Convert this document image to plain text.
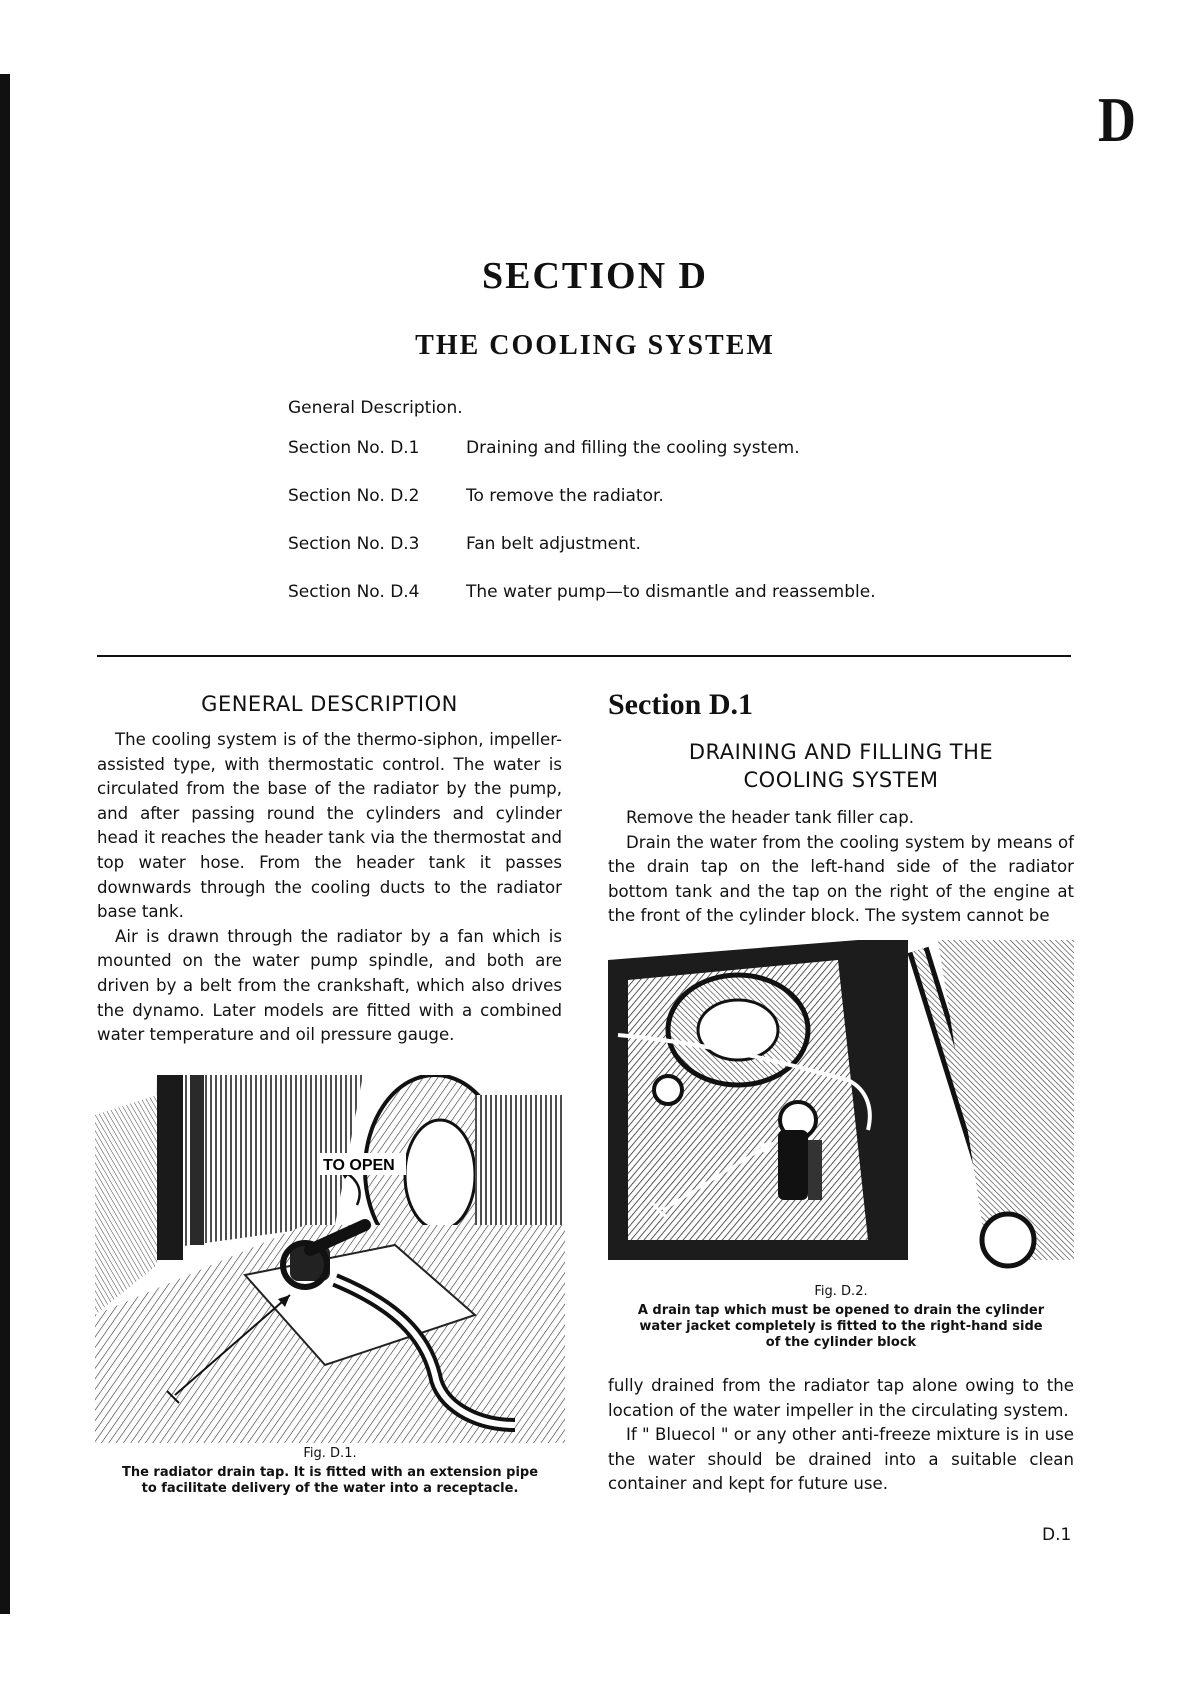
D
SECTION D
THE COOLING SYSTEM
General Description.
Section No. D.1	Draining and filling the cooling system.
Section No. D.2	To remove the radiator.
Section No. D.3	Fan belt adjustment.
Section No. D.4	The water pump—to dismantle and reassemble.
GENERAL DESCRIPTION

The cooling system is of the thermo-siphon, impeller-assisted type, with thermostatic control. The water is circulated from the base of the radiator by the pump, and after passing round the cylinders and cylinder head it reaches the header tank via the thermostat and top water hose. From the header tank it passes downwards through the cooling ducts to the radiator base tank.

Air is drawn through the radiator by a fan which is mounted on the water pump spindle, and both are driven by a belt from the crankshaft, which also drives the dynamo. Later models are fitted with a combined water temperature and oil pressure gauge.

Section D.1
DRAINING AND FILLING THE
COOLING SYSTEM

Remove the header tank filler cap.

Drain the water from the cooling system by means of the drain tap on the left-hand side of the radiator bottom tank and the tap on the right of the engine at the front of the cylinder block. The system cannot be

TO OPEN
Fig. D.1.
The radiator drain tap. It is fitted with an extension pipe
to facilitate delivery of the water into a receptacle.
Fig. D.2.
A drain tap which must be opened to drain the cylinder
water jacket completely is fitted to the right-hand side
of the cylinder block

fully drained from the radiator tap alone owing to the location of the water impeller in the circulating system.

If " Bluecol " or any other anti-freeze mixture is in use the water should be drained into a suitable clean container and kept for future use.

D.1
